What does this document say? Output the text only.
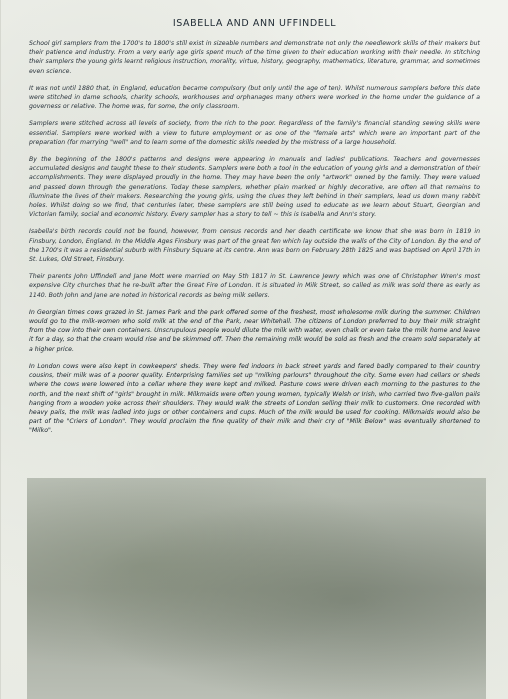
ISABELLA AND ANN UFFINDELL

School girl samplers from the 1700's to 1800's still exist in sizeable numbers and demonstrate not only the needlework skills of their makers but their patience and industry. From a very early age girls spent much of the time given to their education working with their needle. In stitching their samplers the young girls learnt religious instruction, morality, virtue, history, geography, mathematics, literature, grammar, and sometimes even science.

It was not until 1880 that, in England, education became compulsory (but only until the age of ten). Whilst numerous samplers before this date were stitched in dame schools, charity schools, workhouses and orphanages many others were worked in the home under the guidance of a governess or relative. The home was, for some, the only classroom.

Samplers were stitched across all levels of society, from the rich to the poor. Regardless of the family's financial standing sewing skills were essential. Samplers were worked with a view to future employment or as one of the "female arts" which were an important part of the preparation (for marrying "well" and to learn some of the domestic skills needed by the mistress of a large household.

By the beginning of the 1800's patterns and designs were appearing in manuals and ladies' publications. Teachers and governesses accumulated designs and taught these to their students. Samplers were both a tool in the education of young girls and a demonstration of their accomplishments. They were displayed proudly in the home. They may have been the only "artwork" owned by the family. They were valued and passed down through the generations. Today these samplers, whether plain marked or highly decorative, are often all that remains to illuminate the lives of their makers. Researching the young girls, using the clues they left behind in their samplers, lead us down many rabbit holes. Whilst doing so we find, that centuries later, these samplers are still being used to educate as we learn about Stuart, Georgian and Victorian family, social and economic history. Every sampler has a story to tell ~ this is Isabella and Ann's story.

Isabella's birth records could not be found, however, from census records and her death certificate we know that she was born in 1819 in Finsbury, London, England. In the Middle Ages Finsbury was part of the great fen which lay outside the walls of the City of London. By the end of the 1700's it was a residential suburb with Finsbury Square at its centre. Ann was born on February 28th 1825 and was baptised on April 17th in St. Lukes, Old Street, Finsbury.

Their parents John Uffindell and Jane Mott were married on May 5th 1817 in St. Lawrence Jewry which was one of Christopher Wren's most expensive City churches that he re-built after the Great Fire of London. It is situated in Milk Street, so called as milk was sold there as early as 1140. Both John and Jane are noted in historical records as being milk sellers.

In Georgian times cows grazed in St. James Park and the park offered some of the freshest, most wholesome milk during the summer. Children would go to the milk-women who sold milk at the end of the Park, near Whitehall. The citizens of London preferred to buy their milk straight from the cow into their own containers. Unscrupulous people would dilute the milk with water, even chalk or even take the milk home and leave it for a day, so that the cream would rise and be skimmed off. Then the remaining milk would be sold as fresh and the cream sold separately at a higher price.

In London cows were also kept in cowkeepers' sheds. They were fed indoors in back street yards and fared badly compared to their country cousins, their milk was of a poorer quality. Enterprising families set up "milking parlours" throughout the city. Some even had cellars or sheds where the cows were lowered into a cellar where they were kept and milked. Pasture cows were driven each morning to the pastures to the north, and the next shift of "girls" brought in milk. Milkmaids were often young women, typically Welsh or Irish, who carried two five-gallon pails hanging from a wooden yoke across their shoulders. They would walk the streets of London selling their milk to customers. One recorded with heavy pails, the milk was ladled into jugs or other containers and cups. Much of the milk would be used for cooking. Milkmaids would also be part of the "Criers of London". They would proclaim the fine quality of their milk and their cry of "Milk Below" was eventually shortened to "Milko".
